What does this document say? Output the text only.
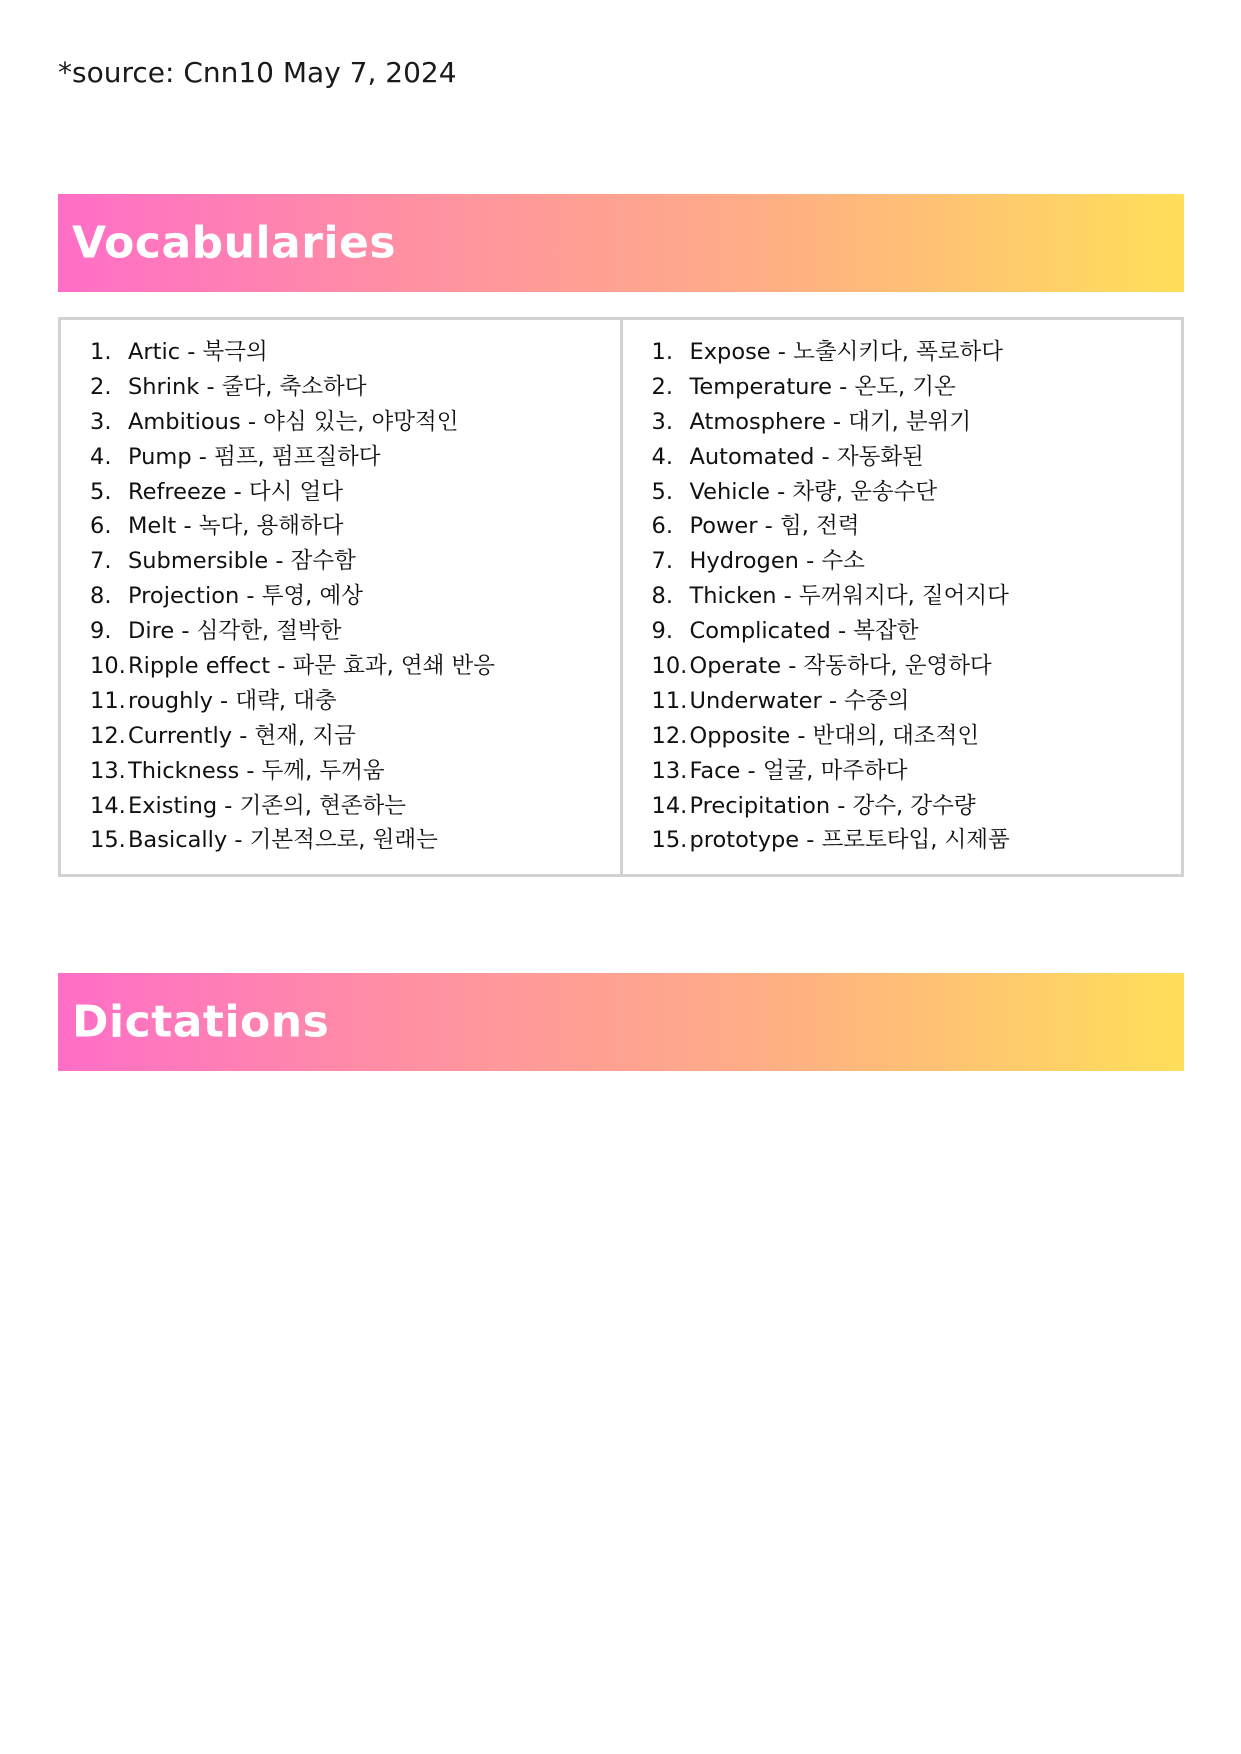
*source: Cnn10 May 7, 2024
Vocabularies
1. Artic - 북극의
2. Shrink - 줄다, 축소하다
3. Ambitious - 야심 있는, 야망적인
4. Pump - 펌프, 펌프질하다
5. Refreeze - 다시 얼다
6. Melt - 녹다, 용해하다
7. Submersible - 잠수함
8. Projection - 투영, 예상
9. Dire - 심각한, 절박한
10. Ripple effect - 파문 효과, 연쇄 반응
11. roughly - 대략, 대충
12. Currently - 현재, 지금
13. Thickness - 두께, 두꺼움
14. Existing - 기존의, 현존하는
15. Basically - 기본적으로, 원래는
1. Expose - 노출시키다, 폭로하다
2. Temperature - 온도, 기온
3. Atmosphere - 대기, 분위기
4. Automated - 자동화된
5. Vehicle - 차량, 운송수단
6. Power - 힘, 전력
7. Hydrogen - 수소
8. Thicken - 두꺼워지다, 짙어지다
9. Complicated - 복잡한
10. Operate - 작동하다, 운영하다
11. Underwater - 수중의
12. Opposite - 반대의, 대조적인
13. Face - 얼굴, 마주하다
14. Precipitation - 강수, 강수량
15. prototype - 프로토타입, 시제품
Dictations
